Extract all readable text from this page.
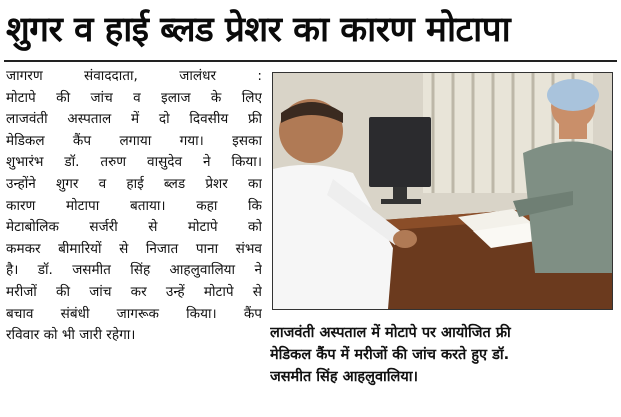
शुगर व हाई ब्लड प्रेशर का कारण मोटापा
जागरण संवाददाता, जालंधर :
मोटापे की जांच व इलाज के लिए
लाजवंती अस्पताल में दो दिवसीय फ्री
मेडिकल कैंप लगाया गया। इसका
शुभारंभ डॉ. तरुण वासुदेव ने किया।
उन्होंने शुगर व हाई ब्लड प्रेशर का
कारण मोटापा बताया। कहा कि
मेटाबोलिक सर्जरी से मोटापे को
कमकर बीमारियों से निजात पाना संभव
है। डॉ. जसमीत सिंह आहलुवालिया ने
मरीजों की जांच कर उन्हें मोटापे से
बचाव संबंधी जागरूक किया। कैंप
रविवार को भी जारी रहेगा।	लाजवंती अस्पताल में मोटापे पर आयोजित फ्री
मेडिकल कैंप में मरीजों की जांच करते हुए डॉ.
जसमीत सिंह आहलुवालिया।
